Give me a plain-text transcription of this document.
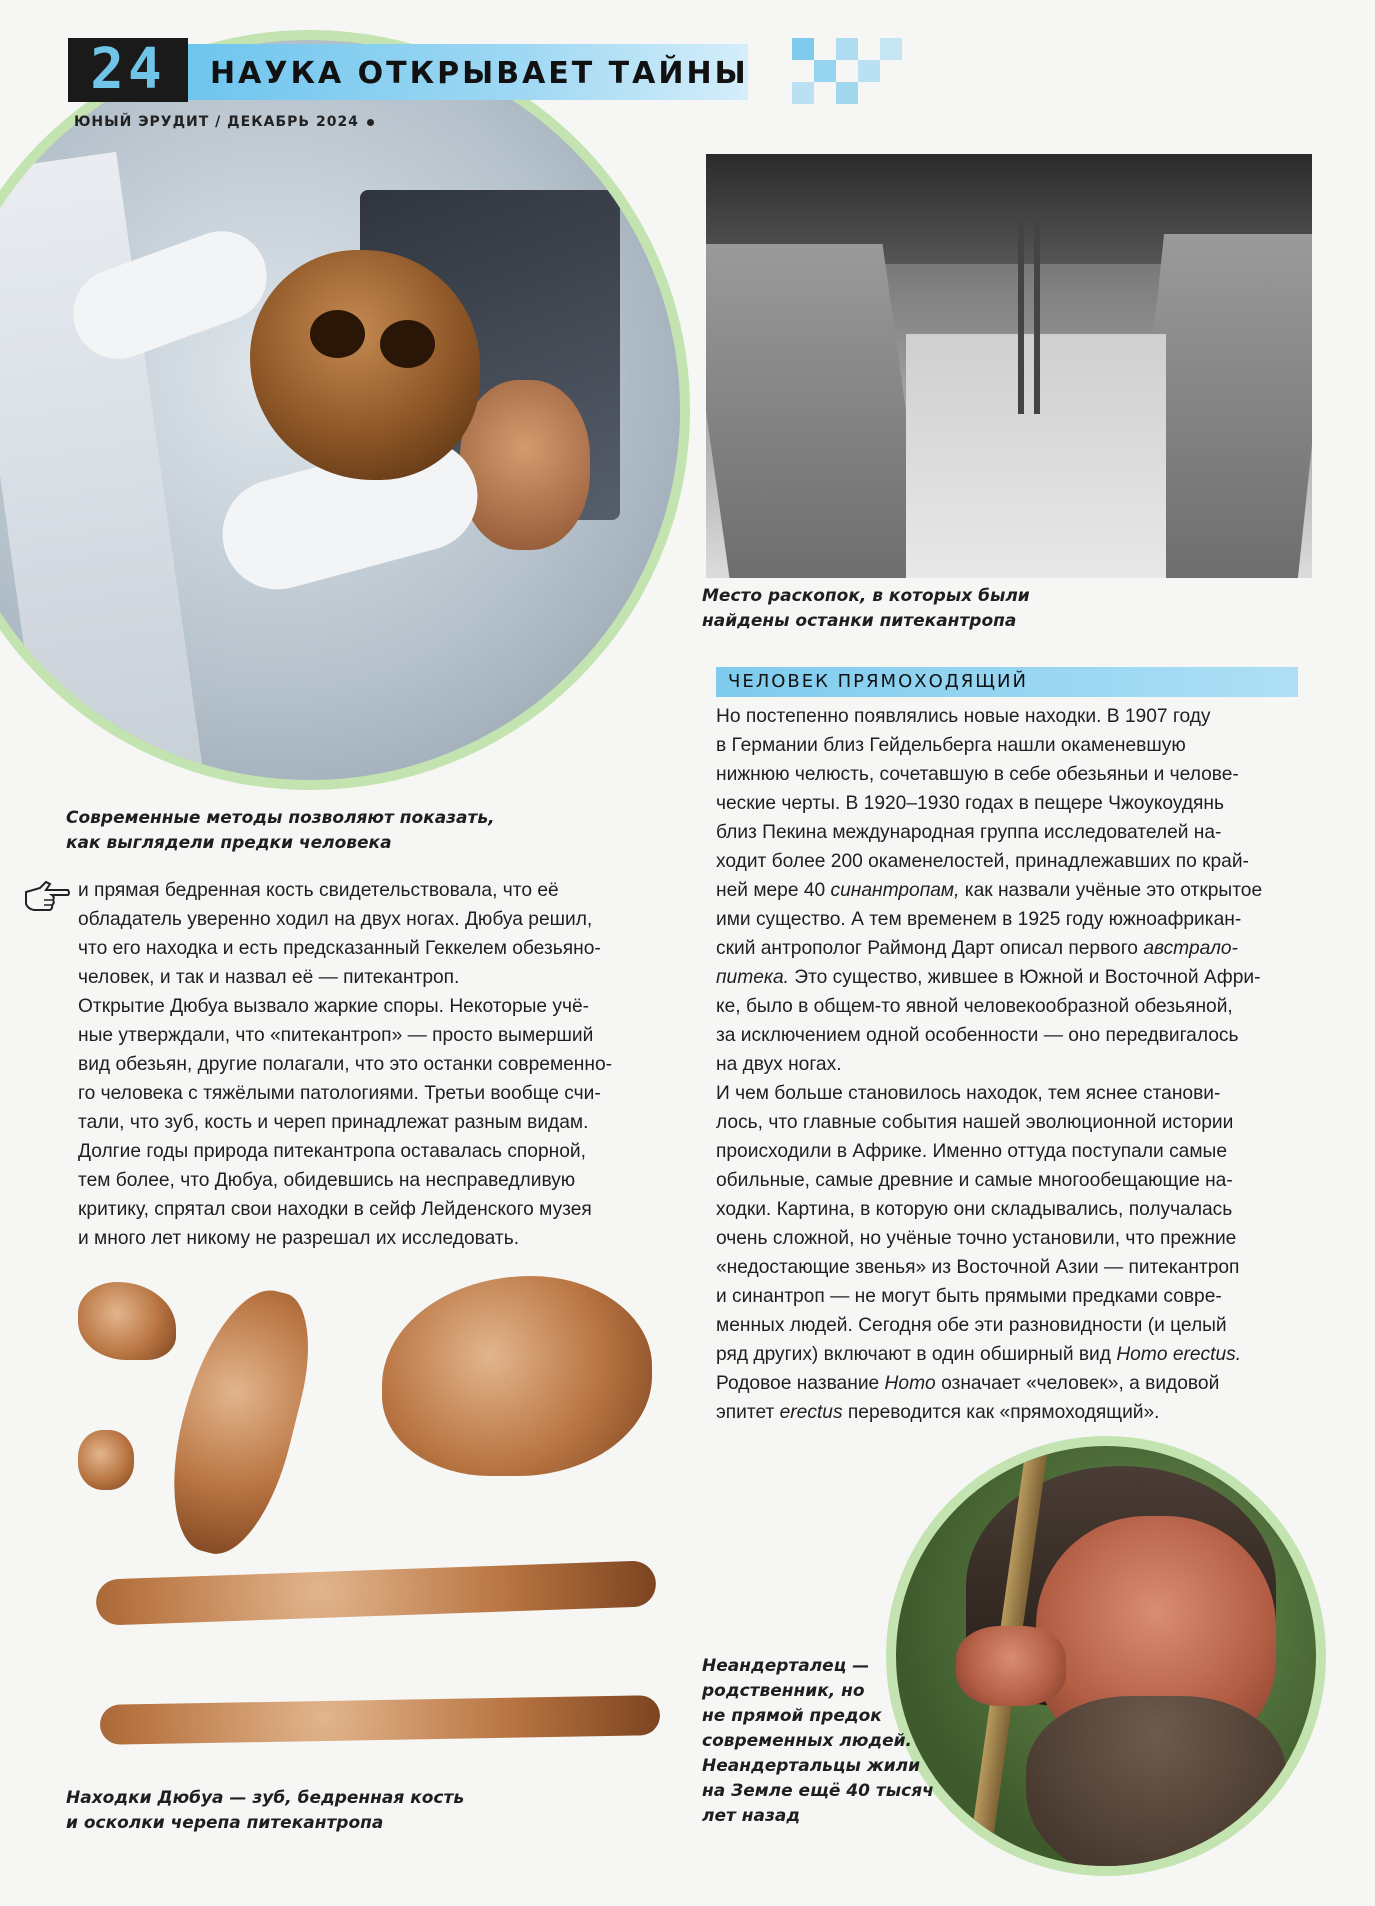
24	НАУКА ОТКРЫВАЕТ ТАЙНЫ
ЮНЫЙ ЭРУДИТ / ДЕКАБРЬ 2024
Современные методы позволяют показать,
как выглядели предки человека
Место раскопок, в которых были
найдены останки питекантропа
ЧЕЛОВЕК ПРЯМОХОДЯЩИЙ

Но постепенно появлялись новые находки. В 1907 году

в Германии близ Гейдельберга нашли окаменевшую

нижнюю челюсть, сочетавшую в себе обезьяньи и челове-

ческие черты. В 1920–1930 годах в пещере Чжоукоудянь

близ Пекина международная группа исследователей на-

ходит более 200 окаменелостей, принадлежавших по край-

ней мере 40 синантропам, как назвали учёные это открытое

ими существо. А тем временем в 1925 году южноафрикан-

ский антрополог Раймонд Дарт описал первого австрало-

питека. Это существо, жившее в Южной и Восточной Афри-

ке, было в общем-то явной человекообразной обезьяной,

за исключением одной особенности — оно передвигалось

на двух ногах.

И чем больше становилось находок, тем яснее станови-

лось, что главные события нашей эволюционной истории

происходили в Африке. Именно оттуда поступали самые

обильные, самые древние и самые многообещающие на-

ходки. Картина, в которую они складывались, получалась

очень сложной, но учёные точно установили, что прежние

«недостающие звенья» из Восточной Азии — питекантроп

и синантроп — не могут быть прямыми предками совре-

менных людей. Сегодня обе эти разновидности (и целый

ряд других) включают в один обширный вид Homo erectus.

Родовое название Homo означает «человек», а видовой

эпитет erectus переводится как «прямоходящий».

и прямая бедренная кость свидетельствовала, что её

обладатель уверенно ходил на двух ногах. Дюбуа решил,

что его находка и есть предсказанный Геккелем обезьяно-

человек, и так и назвал её — питекантроп.

Открытие Дюбуа вызвало жаркие споры. Некоторые учё-

ные утверждали, что «питекантроп» — просто вымерший

вид обезьян, другие полагали, что это останки современно-

го человека с тяжёлыми патологиями. Третьи вообще счи-

тали, что зуб, кость и череп принадлежат разным видам.

Долгие годы природа питекантропа оставалась спорной,

тем более, что Дюбуа, обидевшись на несправедливую

критику, спрятал свои находки в сейф Лейденского музея

и много лет никому не разрешал их исследовать.

Находки Дюбуа — зуб, бедренная кость
и осколки черепа питекантропа
Неандерталец —
родственник, но
не прямой предок
современных людей.
Неандертальцы жили
на Земле ещё 40 тысяч
лет назад
